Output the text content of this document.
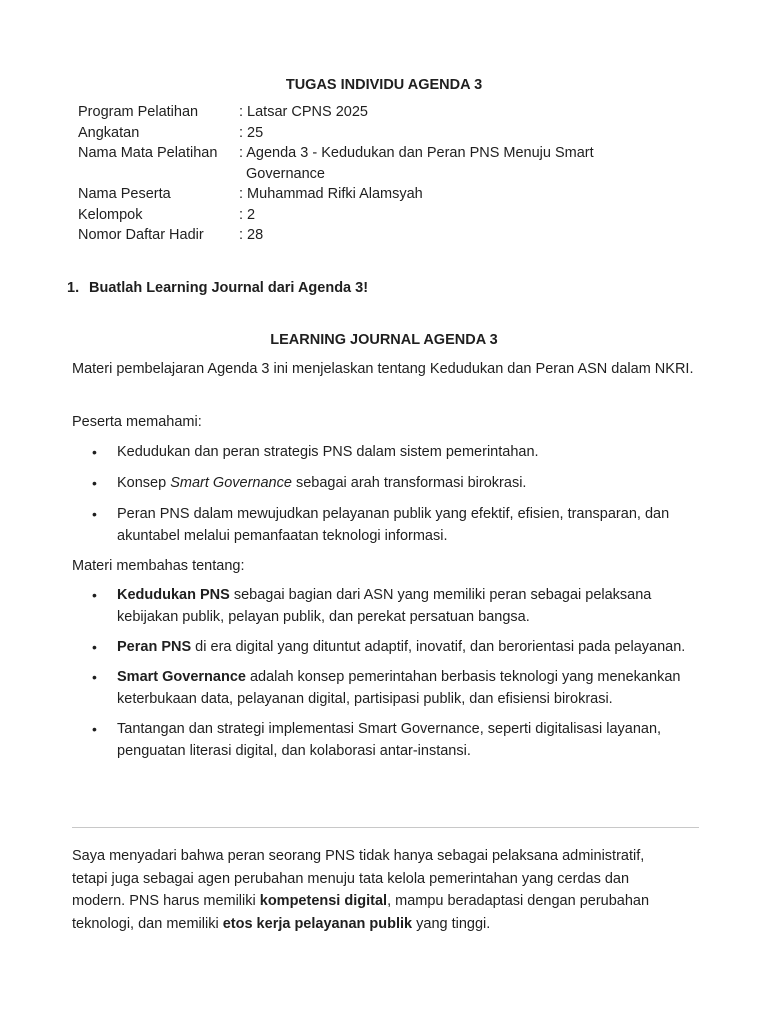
TUGAS INDIVIDU AGENDA 3
Program Pelatihan	: Latsar CPNS 2025
Angkatan	: 25
Nama Mata Pelatihan	: Agenda 3 - Kedudukan dan Peran PNS Menuju Smart
Governance
Nama Peserta	: Muhammad Rifki Alamsyah
Kelompok	: 2
Nomor Daftar Hadir	: 28

1. Buatlah Learning Journal dari Agenda 3!

LEARNING JOURNAL AGENDA 3

Materi pembelajaran Agenda 3 ini menjelaskan tentang Kedudukan dan Peran ASN dalam NKRI.

Peserta memahami:

• Kedudukan dan peran strategis PNS dalam sistem pemerintahan.
• Konsep Smart Governance sebagai arah transformasi birokrasi.
• Peran PNS dalam mewujudkan pelayanan publik yang efektif, efisien, transparan, dan akuntabel melalui pemanfaatan teknologi informasi.

Materi membahas tentang:

• Kedudukan PNS sebagai bagian dari ASN yang memiliki peran sebagai pelaksana kebijakan publik, pelayan publik, dan perekat persatuan bangsa.
• Peran PNS di era digital yang dituntut adaptif, inovatif, dan berorientasi pada pelayanan.
• Smart Governance adalah konsep pemerintahan berbasis teknologi yang menekankan keterbukaan data, pelayanan digital, partisipasi publik, dan efisiensi birokrasi.
• Tantangan dan strategi implementasi Smart Governance, seperti digitalisasi layanan, penguatan literasi digital, dan kolaborasi antar-instansi.

Saya menyadari bahwa peran seorang PNS tidak hanya sebagai pelaksana administratif, tetapi juga sebagai agen perubahan menuju tata kelola pemerintahan yang cerdas dan modern. PNS harus memiliki kompetensi digital, mampu beradaptasi dengan perubahan teknologi, dan memiliki etos kerja pelayanan publik yang tinggi.
